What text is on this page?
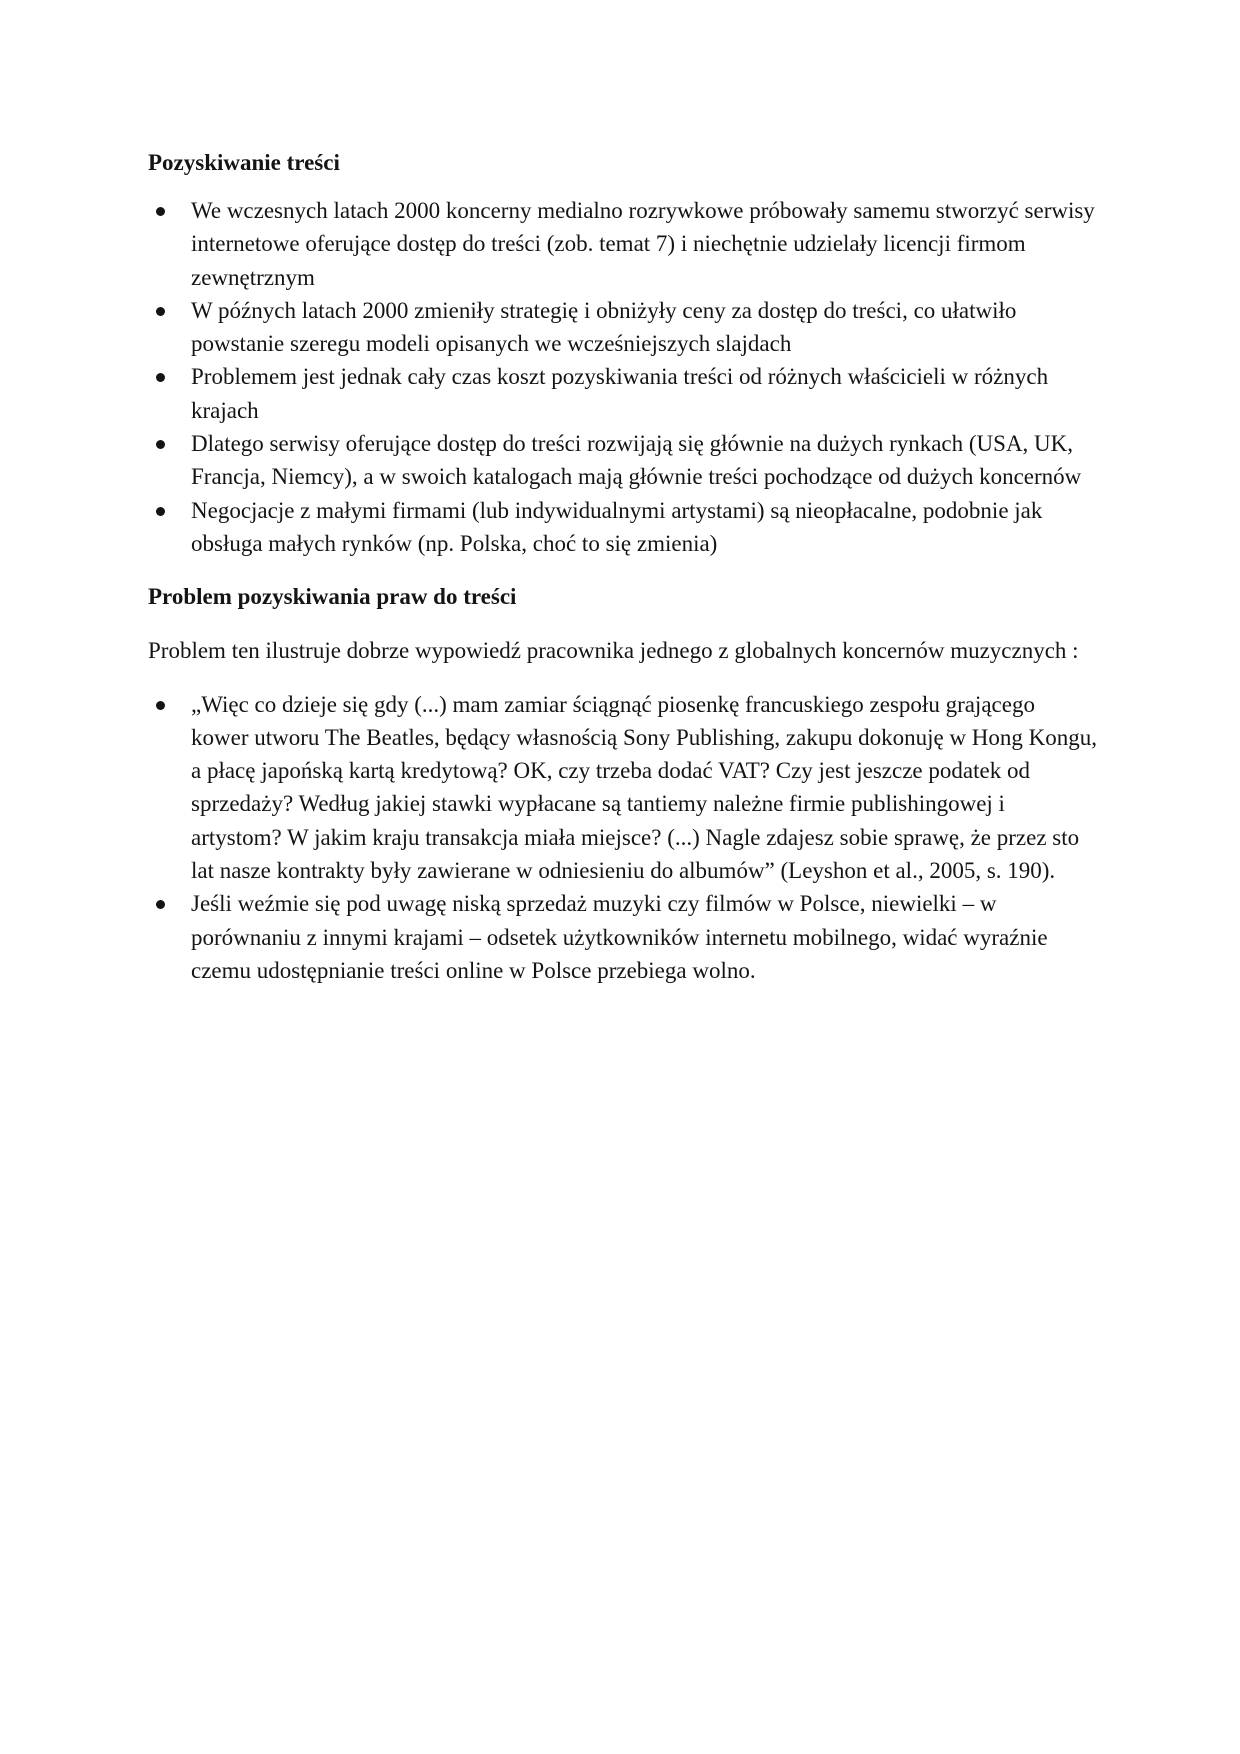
Pozyskiwanie treści
We wczesnych latach 2000 koncerny medialno rozrywkowe próbowały samemu stworzyć serwisy internetowe oferujące dostęp do treści (zob. temat 7) i niechętnie udzielały licencji firmom zewnętrznym
W późnych latach 2000 zmieniły strategię i obniżyły ceny za dostęp do treści, co ułatwiło powstanie szeregu modeli opisanych we wcześniejszych slajdach
Problemem jest jednak cały czas koszt pozyskiwania treści od różnych właścicieli w różnych krajach
Dlatego serwisy oferujące dostęp do treści rozwijają się głównie na dużych rynkach (USA, UK, Francja, Niemcy), a w swoich katalogach mają głównie treści pochodzące od dużych koncernów
Negocjacje z małymi firmami (lub indywidualnymi artystami) są nieopłacalne, podobnie jak obsługa małych rynków (np. Polska, choć to się zmienia)
Problem pozyskiwania praw do treści

Problem ten ilustruje dobrze wypowiedź pracownika jednego z globalnych koncernów muzycznych :

„Więc co dzieje się gdy (...) mam zamiar ściągnąć piosenkę francuskiego zespołu grającego kower utworu The Beatles, będący własnością Sony Publishing, zakupu dokonuję w Hong Kongu, a płacę japońską kartą kredytową? OK, czy trzeba dodać VAT? Czy jest jeszcze podatek od sprzedaży? Według jakiej stawki wypłacane są tantiemy należne firmie publishingowej i artystom? W jakim kraju transakcja miała miejsce? (...) Nagle zdajesz sobie sprawę, że przez sto lat nasze kontrakty były zawierane w odniesieniu do albumów” (Leyshon et al., 2005, s. 190).
Jeśli weźmie się pod uwagę niską sprzedaż muzyki czy filmów w Polsce, niewielki – w porównaniu z innymi krajami – odsetek użytkowników internetu mobilnego, widać wyraźnie czemu udostępnianie treści online w Polsce przebiega wolno.
